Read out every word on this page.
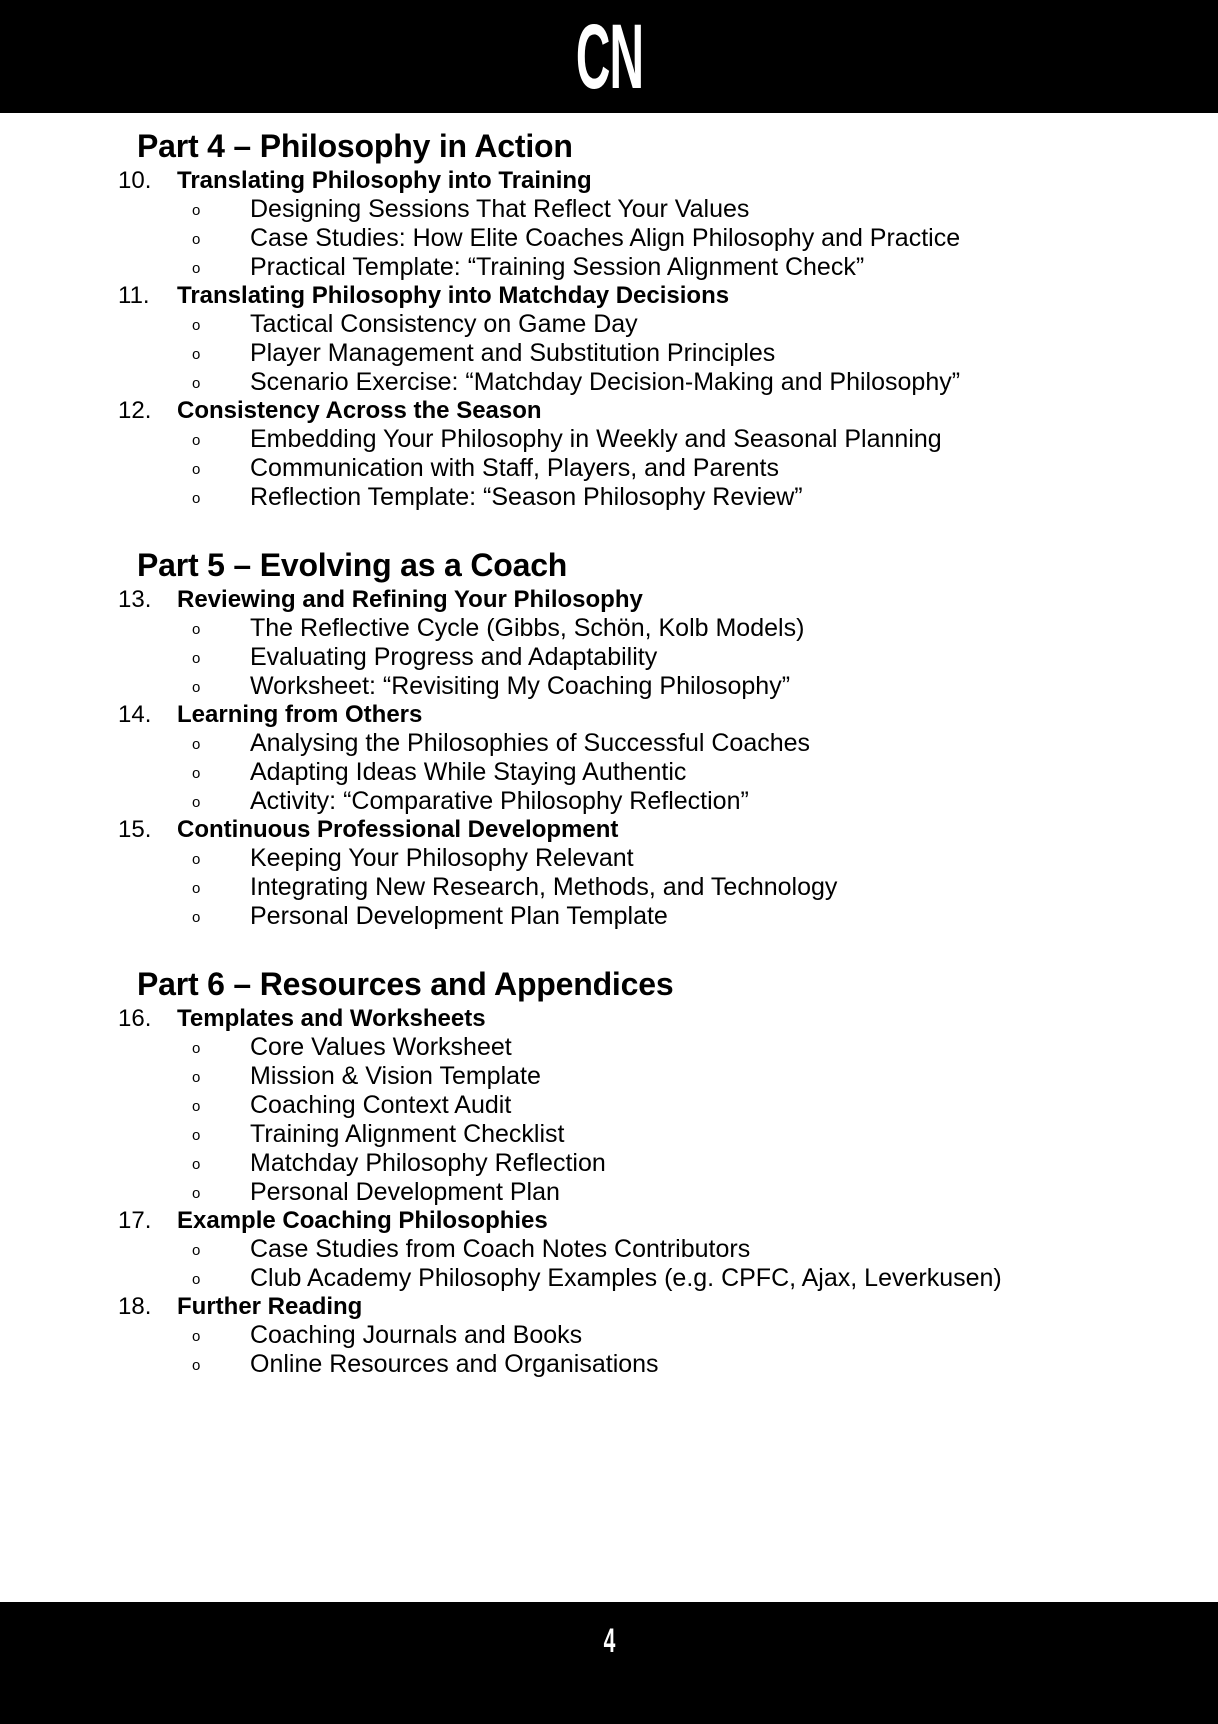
CN
Part 4 – Philosophy in Action
10.	Translating Philosophy into Training
o Designing Sessions That Reflect Your Values
o Case Studies: How Elite Coaches Align Philosophy and Practice
o Practical Template: “Training Session Alignment Check”
11.	Translating Philosophy into Matchday Decisions
o Tactical Consistency on Game Day
o Player Management and Substitution Principles
o Scenario Exercise: “Matchday Decision-Making and Philosophy”
12.	Consistency Across the Season
o Embedding Your Philosophy in Weekly and Seasonal Planning
o Communication with Staff, Players, and Parents
o Reflection Template: “Season Philosophy Review”
Part 5 – Evolving as a Coach
13.	Reviewing and Refining Your Philosophy
o The Reflective Cycle (Gibbs, Schön, Kolb Models)
o Evaluating Progress and Adaptability
o Worksheet: “Revisiting My Coaching Philosophy”
14.	Learning from Others
o Analysing the Philosophies of Successful Coaches
o Adapting Ideas While Staying Authentic
o Activity: “Comparative Philosophy Reflection”
15.	Continuous Professional Development
o Keeping Your Philosophy Relevant
o Integrating New Research, Methods, and Technology
o Personal Development Plan Template
Part 6 – Resources and Appendices
16.	Templates and Worksheets
o Core Values Worksheet
o Mission & Vision Template
o Coaching Context Audit
o Training Alignment Checklist
o Matchday Philosophy Reflection
o Personal Development Plan
17.	Example Coaching Philosophies
o Case Studies from Coach Notes Contributors
o Club Academy Philosophy Examples (e.g. CPFC, Ajax, Leverkusen)
18.	Further Reading
o Coaching Journals and Books
o Online Resources and Organisations
4
